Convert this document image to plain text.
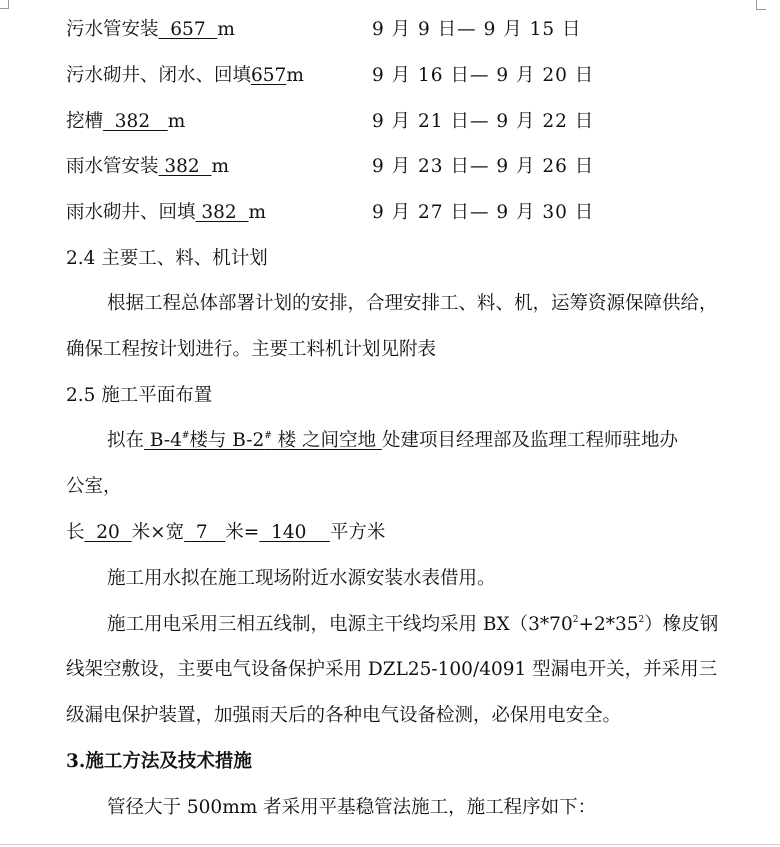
污水管安装  657  m	9 月 9 日— 9 月 15 日
污水砌井、闭水、回填657m	9 月 16 日— 9 月 20 日
挖槽  382   m	9 月 21 日— 9 月 22 日
雨水管安装 382  m	9 月 23 日— 9 月 26 日
雨水砌井、回填 382  m	9 月 27 日— 9 月 30 日
2.4 主要工、料、机计划
根据工程总体部署计划的安排，合理安排工、料、机，运筹资源保障供给，
确保工程按计划进行。主要工料机计划见附表
2.5 施工平面布置
拟在 B-4#楼与 B-2# 楼 之间空地 处建项目经理部及监理工程师驻地办
公室，
长  20  米×宽  7   米=  140    平方米
施工用水拟在施工现场附近水源安装水表借用。
施工用电采用三相五线制，电源主干线均采用 $BX(3*70^2+2*35^2)$橡皮钢
线架空敷设，主要电气设备保护采用 DZL25-100/4091 型漏电开关，并采用三
级漏电保护装置，加强雨天后的各种电气设备检测，必保用电安全。
3.施工方法及技术措施
管径大于 500mm 者采用平基稳管法施工，施工程序如下：
